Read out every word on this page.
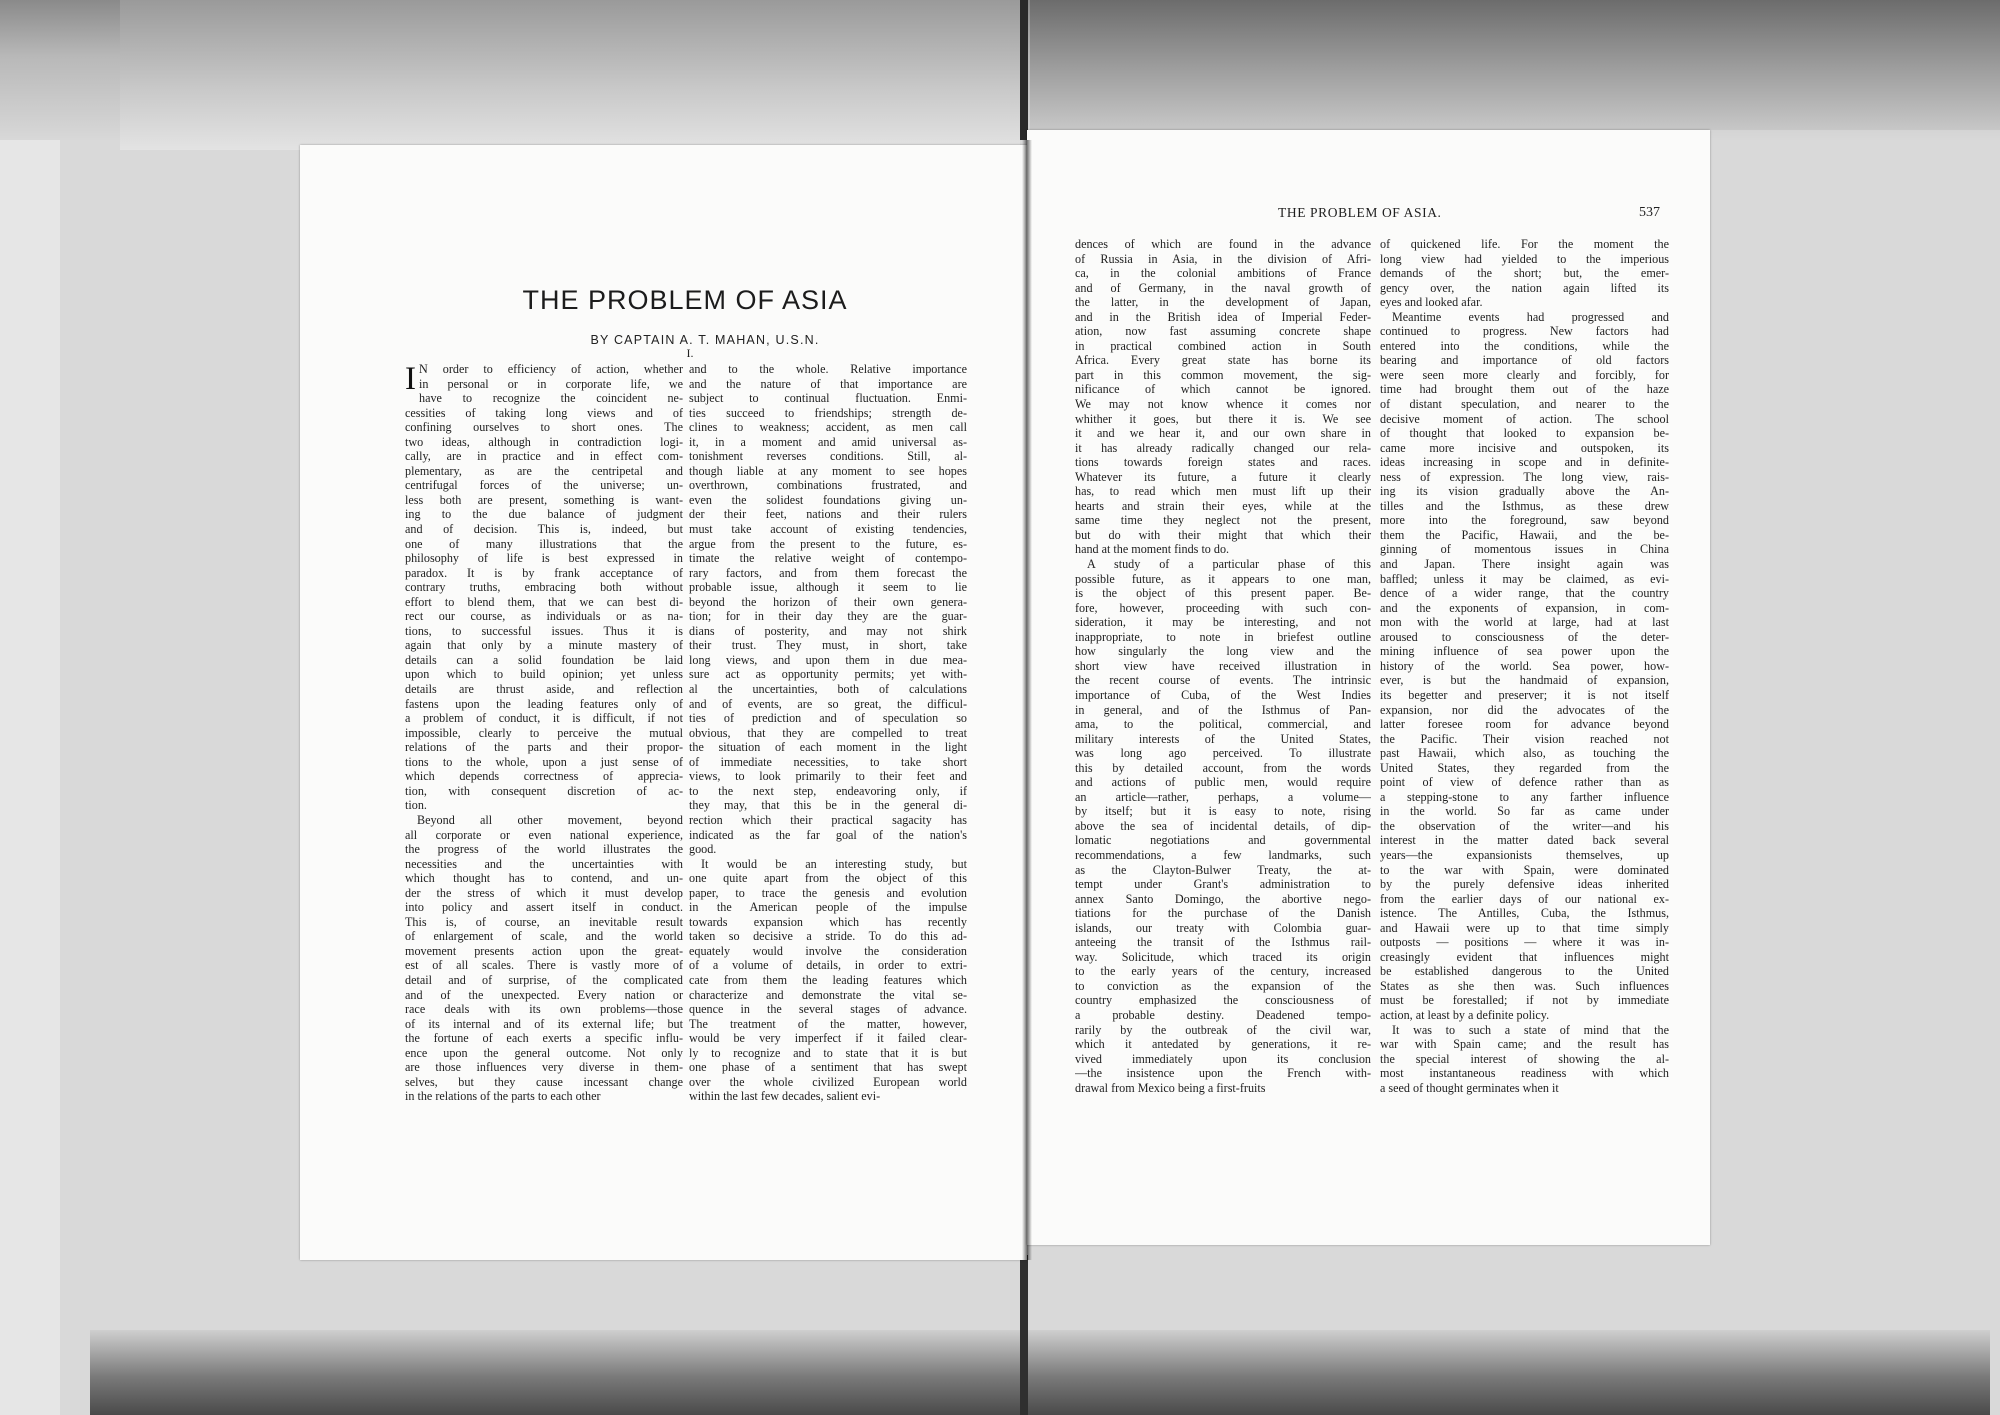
THE PROBLEM OF ASIA
BY CAPTAIN A. T. MAHAN, U.S.N.
I.
THE PROBLEM OF ASIA.	537

I N order to efficiency of action, whether
in personal or in corporate life, we
have to recognize the coincident ne-
cessities of taking long views and of
confining ourselves to short ones. The
two ideas, although in contradiction logi-
cally, are in practice and in effect com-
plementary, as are the centripetal and
centrifugal forces of the universe; un-
less both are present, something is want-
ing to the due balance of judgment
and of decision. This is, indeed, but
one of many illustrations that the
philosophy of life is best expressed in
paradox. It is by frank acceptance of
contrary truths, embracing both without
effort to blend them, that we can best di-
rect our course, as individuals or as na-
tions, to successful issues. Thus it is
again that only by a minute mastery of
details can a solid foundation be laid
upon which to build opinion; yet unless
details are thrust aside, and reflection
fastens upon the leading features only of
a problem of conduct, it is difficult, if not
impossible, clearly to perceive the mutual
relations of the parts and their propor-
tions to the whole, upon a just sense of
which depends correctness of apprecia-
tion, with consequent discretion of ac-
tion.

Beyond all other movement, beyond
all corporate or even national experience,
the progress of the world illustrates the
necessities and the uncertainties with
which thought has to contend, and un-
der the stress of which it must develop
into policy and assert itself in conduct.
This is, of course, an inevitable result
of enlargement of scale, and the world
movement presents action upon the great-
est of all scales. There is vastly more of
detail and of surprise, of the complicated
and of the unexpected. Every nation or
race deals with its own problems—those
of its internal and of its external life; but
the fortune of each exerts a specific influ-
ence upon the general outcome. Not only
are those influences very diverse in them-
selves, but they cause incessant change
in the relations of the parts to each other

and to the whole. Relative importance
and the nature of that importance are
subject to continual fluctuation. Enmi-
ties succeed to friendships; strength de-
clines to weakness; accident, as men call
it, in a moment and amid universal as-
tonishment reverses conditions. Still, al-
though liable at any moment to see hopes
overthrown, combinations frustrated, and
even the solidest foundations giving un-
der their feet, nations and their rulers
must take account of existing tendencies,
argue from the present to the future, es-
timate the relative weight of contempo-
rary factors, and from them forecast the
probable issue, although it seem to lie
beyond the horizon of their own genera-
tion; for in their day they are the guar-
dians of posterity, and may not shirk
their trust. They must, in short, take
long views, and upon them in due mea-
sure act as opportunity permits; yet with-
al the uncertainties, both of calculations
and of events, are so great, the difficul-
ties of prediction and of speculation so
obvious, that they are compelled to treat
the situation of each moment in the light
of immediate necessities, to take short
views, to look primarily to their feet and
to the next step, endeavoring only, if
they may, that this be in the general di-
rection which their practical sagacity has
indicated as the far goal of the nation's
good.

It would be an interesting study, but
one quite apart from the object of this
paper, to trace the genesis and evolution
in the American people of the impulse
towards expansion which has recently
taken so decisive a stride. To do this ad-
equately would involve the consideration
of a volume of details, in order to extri-
cate from them the leading features which
characterize and demonstrate the vital se-
quence in the several stages of advance.
The treatment of the matter, however,
would be very imperfect if it failed clear-
ly to recognize and to state that it is but
one phase of a sentiment that has swept
over the whole civilized European world
within the last few decades, salient evi-

dences of which are found in the advance
of Russia in Asia, in the division of Afri-
ca, in the colonial ambitions of France
and of Germany, in the naval growth of
the latter, in the development of Japan,
and in the British idea of Imperial Feder-
ation, now fast assuming concrete shape
in practical combined action in South
Africa. Every great state has borne its
part in this common movement, the sig-
nificance of which cannot be ignored.
We may not know whence it comes nor
whither it goes, but there it is. We see
it and we hear it, and our own share in
it has already radically changed our rela-
tions towards foreign states and races.
Whatever its future, a future it clearly
has, to read which men must lift up their
hearts and strain their eyes, while at the
same time they neglect not the present,
but do with their might that which their
hand at the moment finds to do.

A study of a particular phase of this
possible future, as it appears to one man,
is the object of this present paper. Be-
fore, however, proceeding with such con-
sideration, it may be interesting, and not
inappropriate, to note in briefest outline
how singularly the long view and the
short view have received illustration in
the recent course of events. The intrinsic
importance of Cuba, of the West Indies
in general, and of the Isthmus of Pan-
ama, to the political, commercial, and
military interests of the United States,
was long ago perceived. To illustrate
this by detailed account, from the words
and actions of public men, would require
an article—rather, perhaps, a volume—
by itself; but it is easy to note, rising
above the sea of incidental details, of dip-
lomatic negotiations and governmental
recommendations, a few landmarks, such
as the Clayton-Bulwer Treaty, the at-
tempt under Grant's administration to
annex Santo Domingo, the abortive nego-
tiations for the purchase of the Danish
islands, our treaty with Colombia guar-
anteeing the transit of the Isthmus rail-
way. Solicitude, which traced its origin
to the early years of the century, increased
to conviction as the expansion of the
country emphasized the consciousness of
a probable destiny. Deadened tempo-
rarily by the outbreak of the civil war,
which it antedated by generations, it re-
vived immediately upon its conclusion
—the insistence upon the French with-
drawal from Mexico being a first-fruits

of quickened life. For the moment the
long view had yielded to the imperious
demands of the short; but, the emer-
gency over, the nation again lifted its
eyes and looked afar.

Meantime events had progressed and
continued to progress. New factors had
entered into the conditions, while the
bearing and importance of old factors
were seen more clearly and forcibly, for
time had brought them out of the haze
of distant speculation, and nearer to the
decisive moment of action. The school
of thought that looked to expansion be-
came more incisive and outspoken, its
ideas increasing in scope and in definite-
ness of expression. The long view, rais-
ing its vision gradually above the An-
tilles and the Isthmus, as these drew
more into the foreground, saw beyond
them the Pacific, Hawaii, and the be-
ginning of momentous issues in China
and Japan. There insight again was
baffled; unless it may be claimed, as evi-
dence of a wider range, that the country
and the exponents of expansion, in com-
mon with the world at large, had at last
aroused to consciousness of the deter-
mining influence of sea power upon the
history of the world. Sea power, how-
ever, is but the handmaid of expansion,
its begetter and preserver; it is not itself
expansion, nor did the advocates of the
latter foresee room for advance beyond
the Pacific. Their vision reached not
past Hawaii, which also, as touching the
United States, they regarded from the
point of view of defence rather than as
a stepping-stone to any farther influence
in the world. So far as came under
the observation of the writer—and his
interest in the matter dated back several
years—the expansionists themselves, up
to the war with Spain, were dominated
by the purely defensive ideas inherited
from the earlier days of our national ex-
istence. The Antilles, Cuba, the Isthmus,
and Hawaii were up to that time simply
outposts — positions — where it was in-
creasingly evident that influences might
be established dangerous to the United
States as she then was. Such influences
must be forestalled; if not by immediate
action, at least by a definite policy.

It was to such a state of mind that the
war with Spain came; and the result has
the special interest of showing the al-
most instantaneous readiness with which
a seed of thought germinates when it
